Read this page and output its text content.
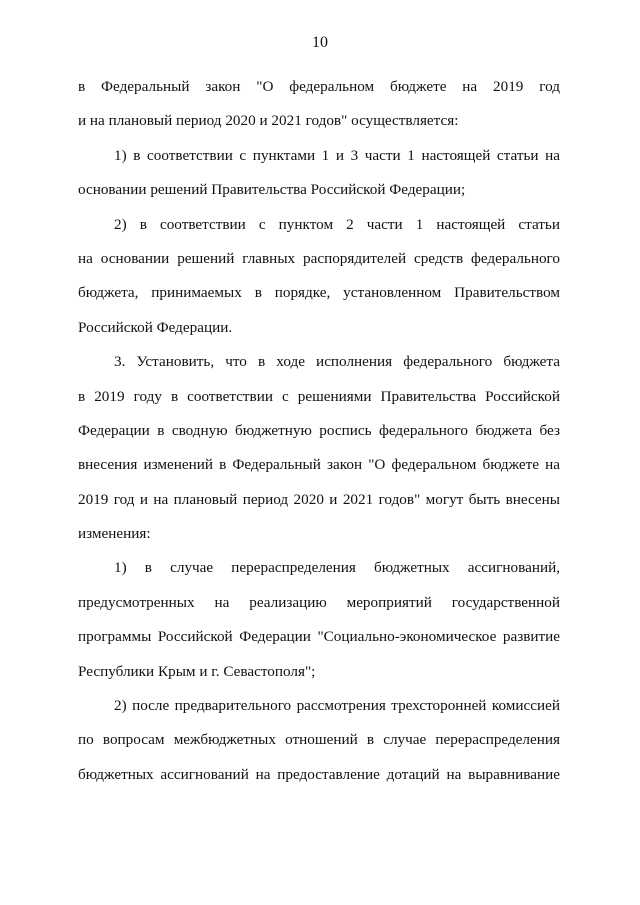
10
в Федеральный закон "О федеральном бюджете на 2019 год
и на плановый период 2020 и 2021 годов" осуществляется:
1) в соответствии с пунктами 1 и 3 части 1 настоящей статьи на
основании решений Правительства Российской Федерации;
2) в соответствии с пунктом 2 части 1 настоящей статьи
на основании решений главных распорядителей средств федерального
бюджета, принимаемых в порядке, установленном Правительством
Российской Федерации.
3. Установить, что в ходе исполнения федерального бюджета
в 2019 году в соответствии с решениями Правительства Российской
Федерации в сводную бюджетную роспись федерального бюджета без
внесения изменений в Федеральный закон "О федеральном бюджете на
2019 год и на плановый период 2020 и 2021 годов" могут быть внесены
изменения:
1) в случае перераспределения бюджетных ассигнований,
предусмотренных на реализацию мероприятий государственной
программы Российской Федерации "Социально-экономическое развитие
Республики Крым и г. Севастополя";
2) после предварительного рассмотрения трехсторонней комиссией
по вопросам межбюджетных отношений в случае перераспределения
бюджетных ассигнований на предоставление дотаций на выравнивание
